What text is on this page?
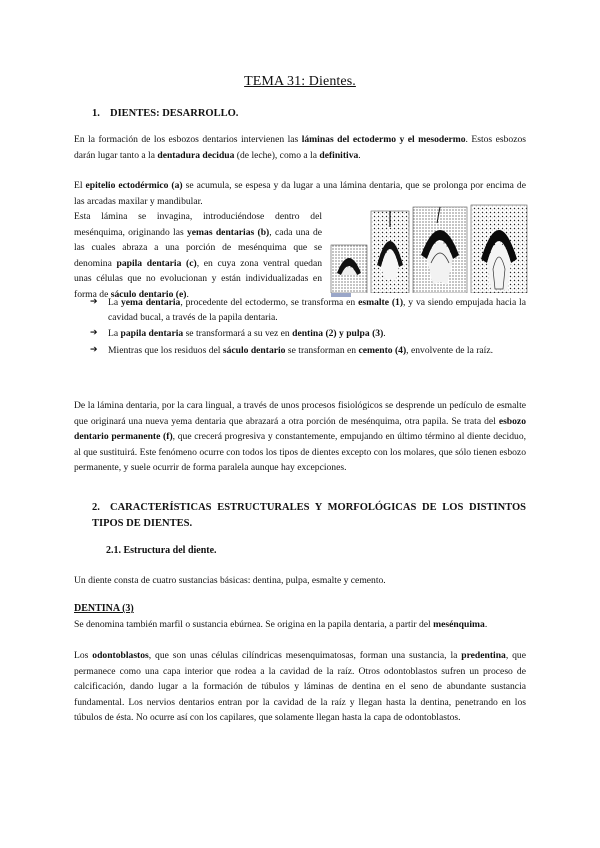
TEMA 31: Dientes.
1. DIENTES: DESARROLLO.
En la formación de los esbozos dentarios intervienen las láminas del ectodermo y el mesodermo. Estos esbozos darán lugar tanto a la dentadura decidua (de leche), como a la definitiva.
El epitelio ectodérmico (a) se acumula, se espesa y da lugar a una lámina dentaria, que se prolonga por encima de las arcadas maxilar y mandibular.

Esta lámina se invagina, introduciéndose dentro del mesénquima, originando las yemas dentarias (b), cada una de las cuales abraza a una porción de mesénquima que se denomina papila dentaria (c), en cuya zona ventral quedan unas células que no evolucionan y están individualizadas en forma de sáculo dentario (e).
➔ La yema dentaria, procedente del ectodermo, se transforma en esmalte (1), y va siendo empujada hacia la cavidad bucal, a través de la papila dentaria.
➔ La papila dentaria se transformará a su vez en dentina (2) y pulpa (3).
➔ Mientras que los residuos del sáculo dentario se transforman en cemento (4), envolvente de la raíz.
De la lámina dentaria, por la cara lingual, a través de unos procesos fisiológicos se desprende un pedículo de esmalte que originará una nueva yema dentaria que abrazará a otra porción de mesénquima, otra papila. Se trata del esbozo dentario permanente (f), que crecerá progresiva y constantemente, empujando en último término al diente deciduo, al que sustituirá. Este fenómeno ocurre con todos los tipos de dientes excepto con los molares, que sólo tienen esbozo permanente, y suele ocurrir de forma paralela aunque hay excepciones.
2. CARACTERÍSTICAS ESTRUCTURALES Y MORFOLÓGICAS DE LOS DISTINTOS TIPOS DE DIENTES.
2.1. Estructura del diente.
Un diente consta de cuatro sustancias básicas: dentina, pulpa, esmalte y cemento.
DENTINA (3)
Se denomina también marfil o sustancia ebúrnea. Se origina en la papila dentaria, a partir del mesénquima.
Los odontoblastos, que son unas células cilíndricas mesenquimatosas, forman una sustancia, la predentina, que permanece como una capa interior que rodea a la cavidad de la raíz. Otros odontoblastos sufren un proceso de calcificación, dando lugar a la formación de túbulos y láminas de dentina en el seno de abundante sustancia fundamental. Los nervios dentarios entran por la cavidad de la raíz y llegan hasta la dentina, penetrando en los túbulos de ésta. No ocurre así con los capilares, que solamente llegan hasta la capa de odontoblastos.
